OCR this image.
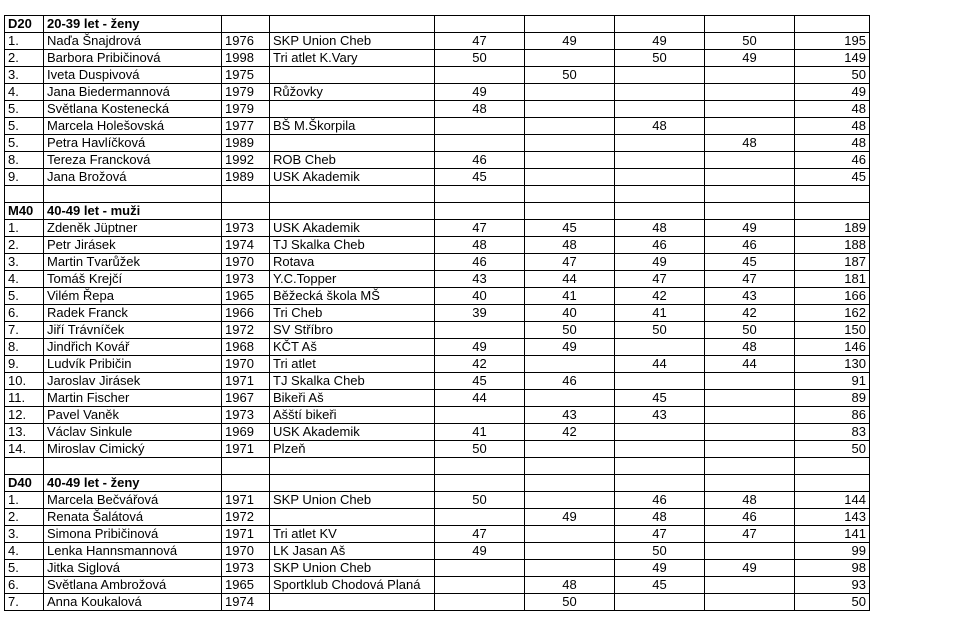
D20	20-39 let - ženy							
1.	Naďa Šnajdrová	1976	SKP Union Cheb	47	49	49	50	195
2.	Barbora Pribičinová	1998	Tri atlet K.Vary	50		50	49	149
3.	Iveta Duspivová	1975			50			50
4.	Jana Biedermannová	1979	Růžovky	49				49
5.	Světlana Kostenecká	1979		48				48
5.	Marcela Holešovská	1977	BŠ M.Škorpila			48		48
5.	Petra Havlíčková	1989					48	48
8.	Tereza Francková	1992	ROB Cheb	46				46
9.	Jana Brožová	1989	USK Akademik	45				45

M40	40-49 let - muži							
1.	Zdeněk Jüptner	1973	USK Akademik	47	45	48	49	189
2.	Petr Jirásek	1974	TJ Skalka Cheb	48	48	46	46	188
3.	Martin Tvarůžek	1970	Rotava	46	47	49	45	187
4.	Tomáš Krejčí	1973	Y.C.Topper	43	44	47	47	181
5.	Vilém Řepa	1965	Běžecká škola MŠ	40	41	42	43	166
6.	Radek Franck	1966	Tri Cheb	39	40	41	42	162
7.	Jiří Trávníček	1972	SV Stříbro		50	50	50	150
8.	Jindřich Kovář	1968	KČT Aš	49	49		48	146
9.	Ludvík Pribičin	1970	Tri atlet	42		44	44	130
10.	Jaroslav Jirásek	1971	TJ Skalka Cheb	45	46			91
11.	Martin Fischer	1967	Bikeři Aš	44		45		89
12.	Pavel Vaněk	1973	Ašští bikeři		43	43		86
13.	Václav Sinkule	1969	USK Akademik	41	42			83
14.	Miroslav Cimický	1971	Plzeň	50				50

D40	40-49 let - ženy							
1.	Marcela Bečvářová	1971	SKP Union Cheb	50		46	48	144
2.	Renata Šalátová	1972			49	48	46	143
3.	Simona Pribičinová	1971	Tri atlet KV	47		47	47	141
4.	Lenka Hannsmannová	1970	LK Jasan Aš	49		50		99
5.	Jitka Siglová	1973	SKP Union Cheb			49	49	98
6.	Světlana Ambrožová	1965	Sportklub Chodová Planá		48	45		93
7.	Anna Koukalová	1974			50			50
